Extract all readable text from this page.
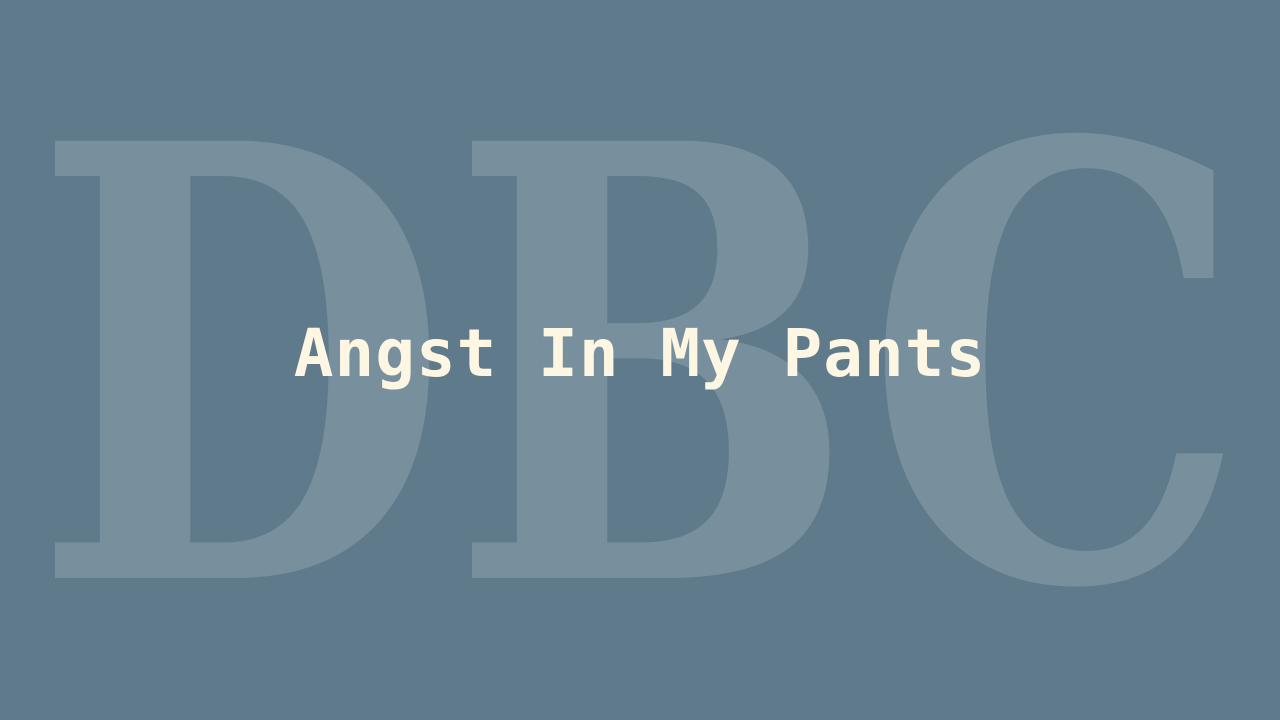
DBC
Angst In My Pants
